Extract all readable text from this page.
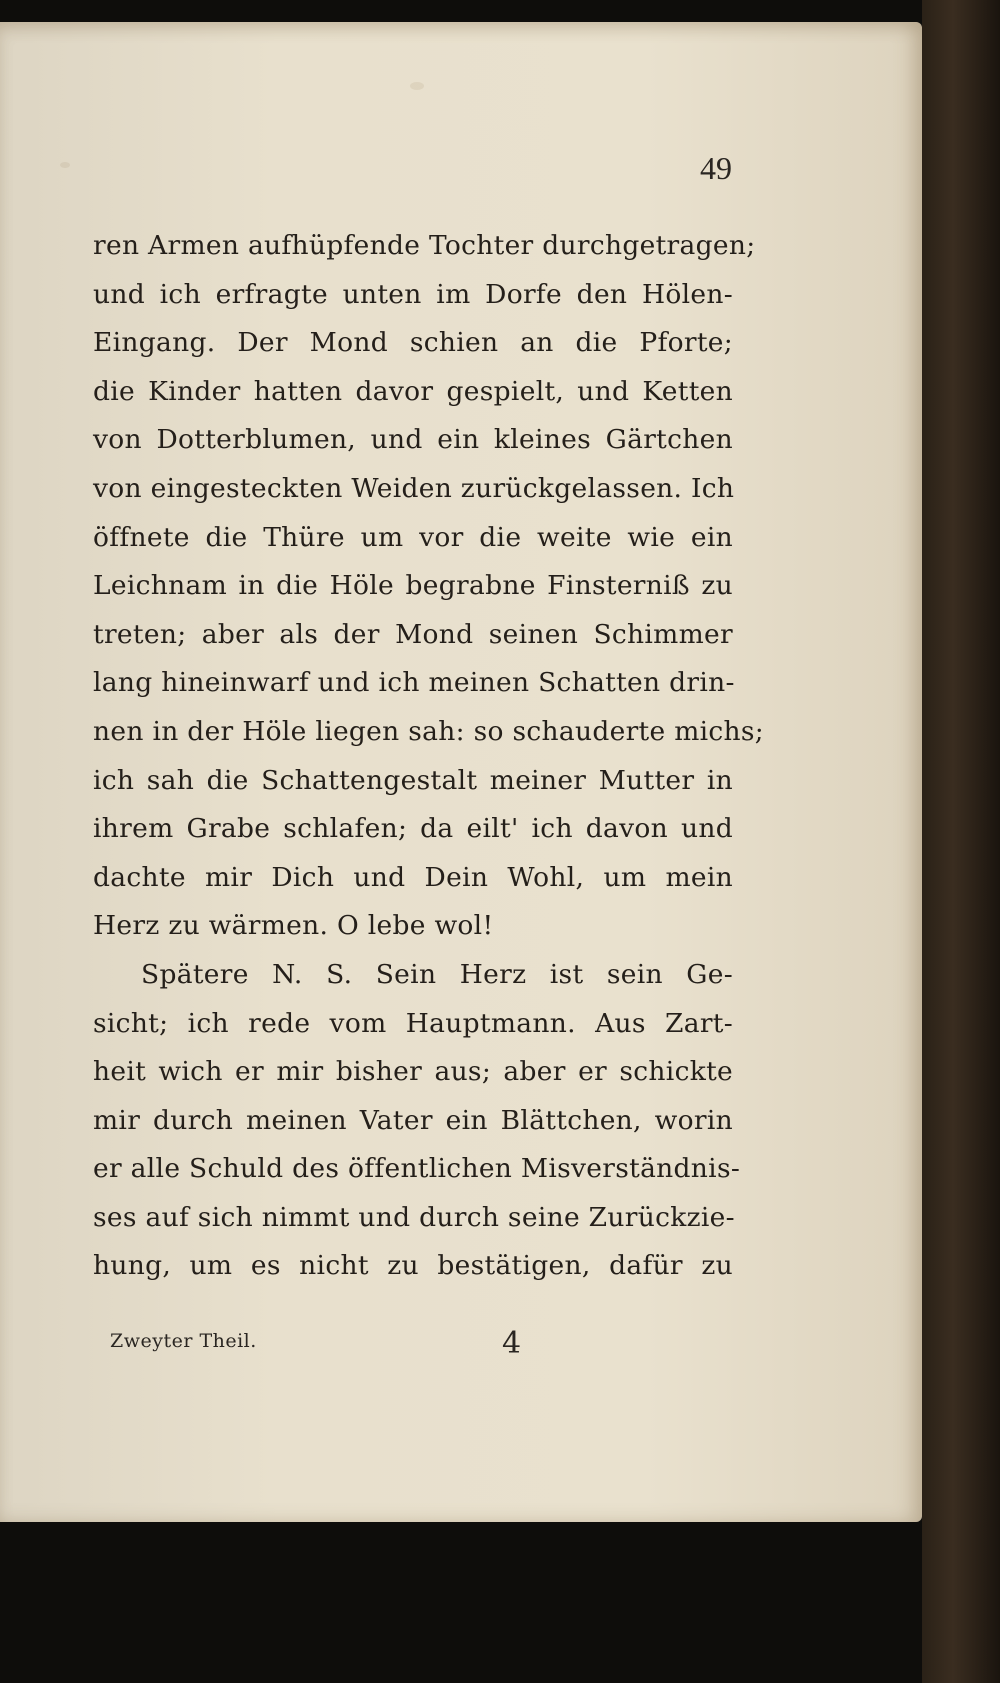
49
ren Armen aufhüpfende Tochter durchgetragen;
und ich erfragte unten im Dorfe den Hölen-
Eingang. Der Mond schien an die Pforte;
die Kinder hatten davor gespielt, und Ketten
von Dotterblumen, und ein kleines Gärtchen
von eingesteckten Weiden zurückgelassen. Ich
öffnete die Thüre um vor die weite wie ein
Leichnam in die Höle begrabne Finsterniß zu
treten; aber als der Mond seinen Schimmer
lang hineinwarf und ich meinen Schatten drin-
nen in der Höle liegen sah: so schauderte michs;
ich sah die Schattengestalt meiner Mutter in
ihrem Grabe schlafen; da eilt' ich davon und
dachte mir Dich und Dein Wohl, um mein
Herz zu wärmen. O lebe wol!
Spätere N. S. Sein Herz ist sein Ge-
sicht; ich rede vom Hauptmann. Aus Zart-
heit wich er mir bisher aus; aber er schickte
mir durch meinen Vater ein Blättchen, worin
er alle Schuld des öffentlichen Misverständnis-
ses auf sich nimmt und durch seine Zurückzie-
hung, um es nicht zu bestätigen, dafür zu
Zweyter Theil.	4
